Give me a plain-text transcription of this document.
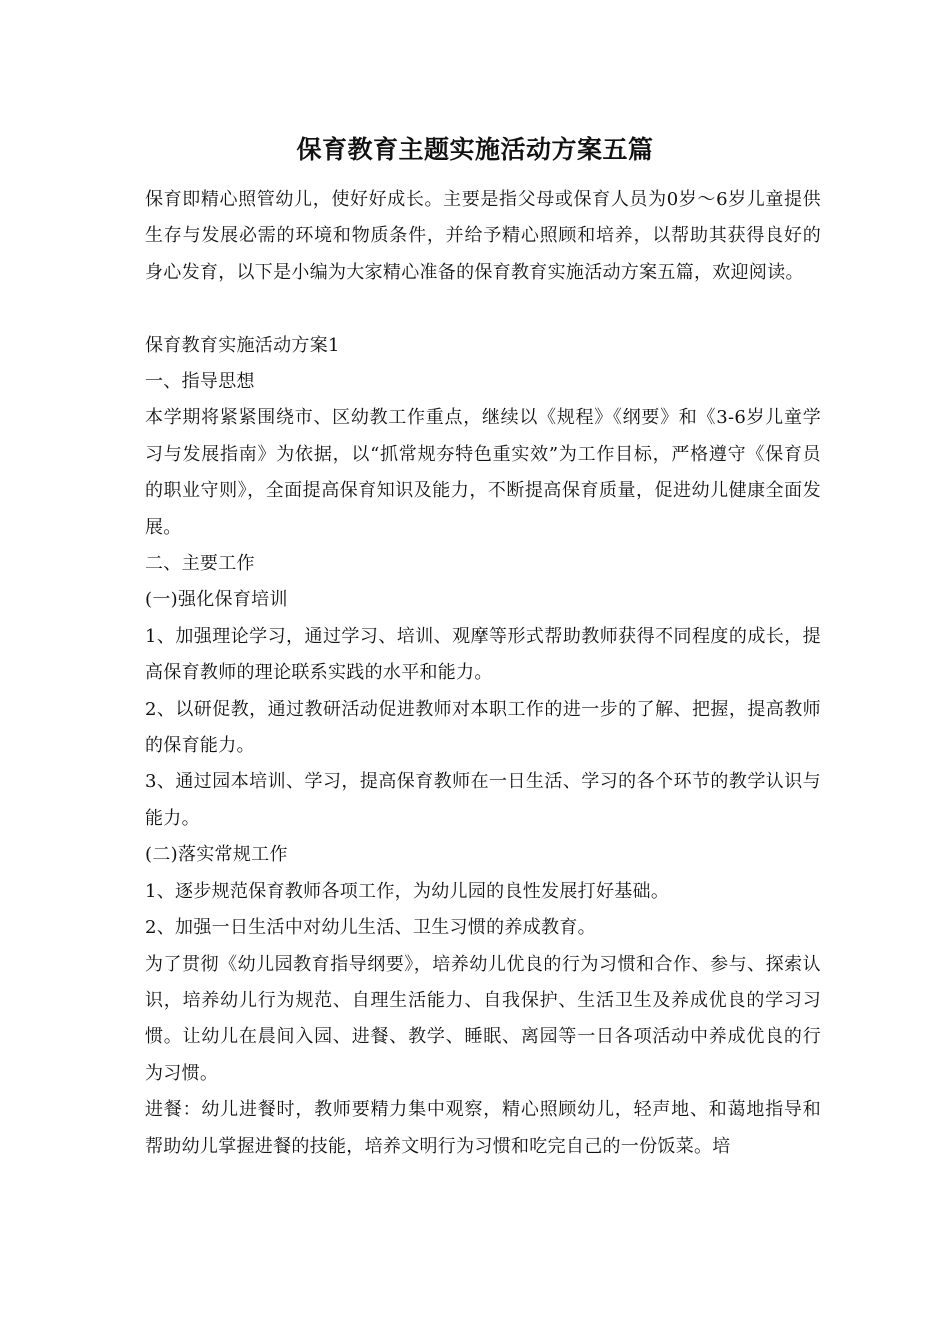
保育教育主题实施活动方案五篇

保育即精心照管幼儿，使好好成长。主要是指父母或保育人员为0岁～6岁儿童提供生存与发展必需的环境和物质条件，并给予精心照顾和培养，以帮助其获得良好的身心发育，以下是小编为大家精心准备的保育教育实施活动方案五篇，欢迎阅读。

保育教育实施活动方案1

一、指导思想

本学期将紧紧围绕市、区幼教工作重点，继续以《规程》《纲要》和《3-6岁儿童学习与发展指南》为依据，以“抓常规夯特色重实效”为工作目标，严格遵守《保育员的职业守则》，全面提高保育知识及能力，不断提高保育质量，促进幼儿健康全面发展。

二、主要工作

(一)强化保育培训

1、加强理论学习，通过学习、培训、观摩等形式帮助教师获得不同程度的成长，提高保育教师的理论联系实践的水平和能力。

2、以研促教，通过教研活动促进教师对本职工作的进一步的了解、把握，提高教师的保育能力。

3、通过园本培训、学习，提高保育教师在一日生活、学习的各个环节的教学认识与能力。

(二)落实常规工作

1、逐步规范保育教师各项工作，为幼儿园的良性发展打好基础。

2、加强一日生活中对幼儿生活、卫生习惯的养成教育。

为了贯彻《幼儿园教育指导纲要》，培养幼儿优良的行为习惯和合作、参与、探索认识，培养幼儿行为规范、自理生活能力、自我保护、生活卫生及养成优良的学习习惯。让幼儿在晨间入园、进餐、教学、睡眠、离园等一日各项活动中养成优良的行为习惯。

进餐：幼儿进餐时，教师要精力集中观察，精心照顾幼儿，轻声地、和蔼地指导和帮助幼儿掌握进餐的技能，培养文明行为习惯和吃完自己的一份饭菜。培
